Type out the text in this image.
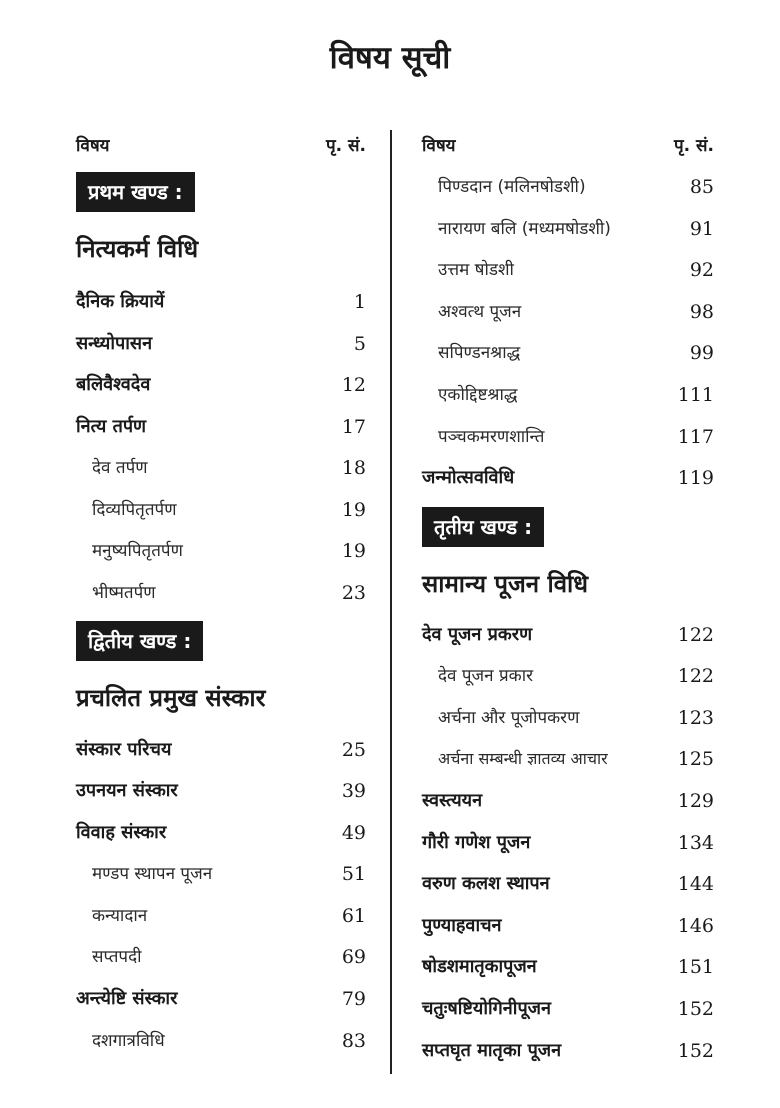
विषय सूची
विषय	पृ. सं.
प्रथम खण्ड :
नित्यकर्म विधि
दैनिक क्रियायें	1
सन्ध्योपासन	5
बलिवैश्वदेव	12
नित्य तर्पण	17
देव तर्पण	18
दिव्यपितृतर्पण	19
मनुष्यपितृतर्पण	19
भीष्मतर्पण	23
द्वितीय खण्ड :
प्रचलित प्रमुख संस्कार
संस्कार परिचय	25
उपनयन संस्कार	39
विवाह संस्कार	49
मण्डप स्थापन पूजन	51
कन्यादान	61
सप्तपदी	69
अन्त्येष्टि संस्कार	79
दशगात्रविधि	83
विषय	पृ. सं.
पिण्डदान (मलिनषोडशी)	85
नारायण बलि (मध्यमषोडशी)	91
उत्तम षोडशी	92
अश्वत्थ पूजन	98
सपिण्डनश्राद्ध	99
एकोद्दिष्टश्राद्ध	111
पञ्चकमरणशान्ति	117
जन्मोत्सवविधि	119
तृतीय खण्ड :
सामान्य पूजन विधि
देव पूजन प्रकरण	122
देव पूजन प्रकार	122
अर्चना और पूजोपकरण	123
अर्चना सम्बन्धी ज्ञातव्य आचार	125
स्वस्त्ययन	129
गौरी गणेश पूजन	134
वरुण कलश स्थापन	144
पुण्याहवाचन	146
षोडशमातृकापूजन	151
चतुःषष्टियोगिनीपूजन	152
सप्तघृत मातृका पूजन	152
